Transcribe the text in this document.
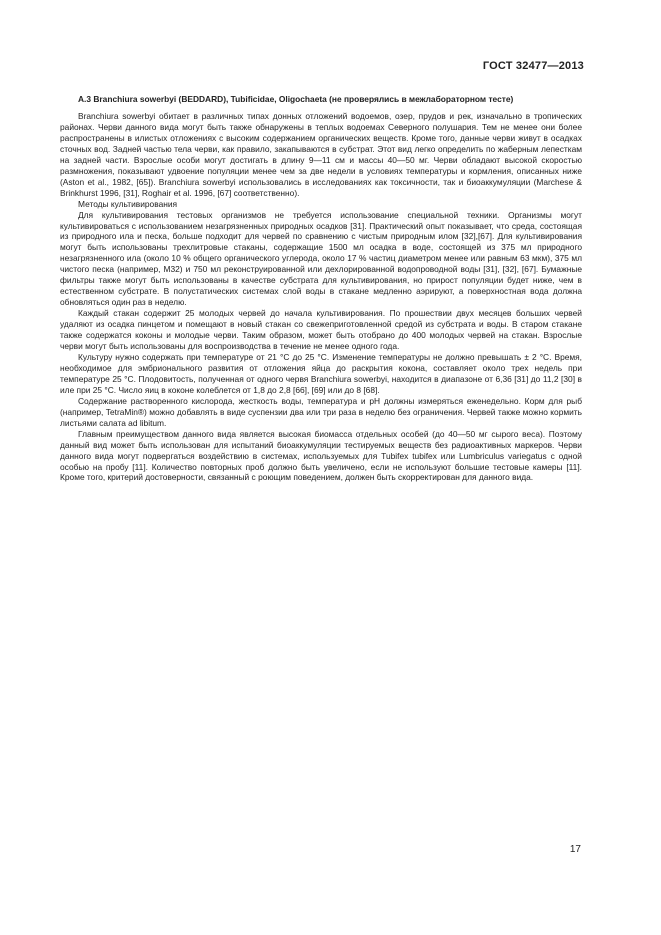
ГОСТ 32477—2013
А.3 Branchiura sowerbyi (BEDDARD), Tubificidae, Oligochaeta (не проверялись в межлабораторном тесте)

Branchiura sowerbyi обитает в различных типах донных отложений водоемов, озер, прудов и рек, изначально в тропических районах. Черви данного вида могут быть также обнаружены в теплых водоемах Северного полушария. Тем не менее они более распространены в илистых отложениях с высоким содержанием органических веществ. Кроме того, данные черви живут в осадках сточных вод. Задней частью тела черви, как правило, закапываются в субстрат. Этот вид легко определить по жаберным лепесткам на задней части. Взрослые особи могут достигать в длину 9—11 см и массы 40—50 мг. Черви обладают высокой скоростью размножения, показывают удвоение популяции менее чем за две недели в условиях температуры и кормления, описанных ниже (Aston et al., 1982, [65]). Branchiura sowerbyi использовались в исследованиях как токсичности, так и биоаккумуляции (Marchese & Brinkhurst 1996, [31], Roghair et al. 1996, [67] соответственно).

Методы культивирования

Для культивирования тестовых организмов не требуется использование специальной техники. Организмы могут культивироваться с использованием незагрязненных природных осадков [31]. Практический опыт показывает, что среда, состоящая из природного ила и песка, больше подходит для червей по сравнению с чистым природным илом [32],[67]. Для культивирования могут быть использованы трехлитровые стаканы, содержащие 1500 мл осадка в воде, состоящей из 375 мл природного незагрязненного ила (около 10 % общего органического углерода, около 17 % частиц диаметром менее или равным 63 мкм), 375 мл чистого песка (например, М32) и 750 мл реконструированной или дехлорированной водопроводной воды [31], [32], [67]. Бумажные фильтры также могут быть использованы в качестве субстрата для культивирования, но прирост популяции будет ниже, чем в естественном субстрате. В полустатических системах слой воды в стакане медленно аэрируют, а поверхностная вода должна обновляться один раз в неделю.

Каждый стакан содержит 25 молодых червей до начала культивирования. По прошествии двух месяцев больших червей удаляют из осадка пинцетом и помещают в новый стакан со свежеприготовленной средой из субстрата и воды. В старом стакане также содержатся коконы и молодые черви. Таким образом, может быть отобрано до 400 молодых червей на стакан. Взрослые черви могут быть использованы для воспроизводства в течение не менее одного года.

Культуру нужно содержать при температуре от 21 °С до 25 °С. Изменение температуры не должно превышать ± 2 °С. Время, необходимое для эмбрионального развития от отложения яйца до раскрытия кокона, составляет около трех недель при температуре 25 °С. Плодовитость, полученная от одного червя Branchiura sowerbyi, находится в диапазоне от 6,36 [31] до 11,2 [30] в иле при 25 °С. Число яиц в коконе колеблется от 1,8 до 2,8 [66], [69] или до 8 [68].

Содержание растворенного кислорода, жесткость воды, температура и рН должны измеряться еженедельно. Корм для рыб (например, TetraMin®) можно добавлять в виде суспензии два или три раза в неделю без ограничения. Червей также можно кормить листьями салата ad libitum.

Главным преимуществом данного вида является высокая биомасса отдельных особей (до 40—50 мг сырого веса). Поэтому данный вид может быть использован для испытаний биоаккумуляции тестируемых веществ без радиоактивных маркеров. Черви данного вида могут подвергаться воздействию в системах, используемых для Tubifex tubifex или Lumbriculus variegatus с одной особью на пробу [11]. Количество повторных проб должно быть увеличено, если не используют большие тестовые камеры [11]. Кроме того, критерий достоверности, связанный с роющим поведением, должен быть скорректирован для данного вида.

17
